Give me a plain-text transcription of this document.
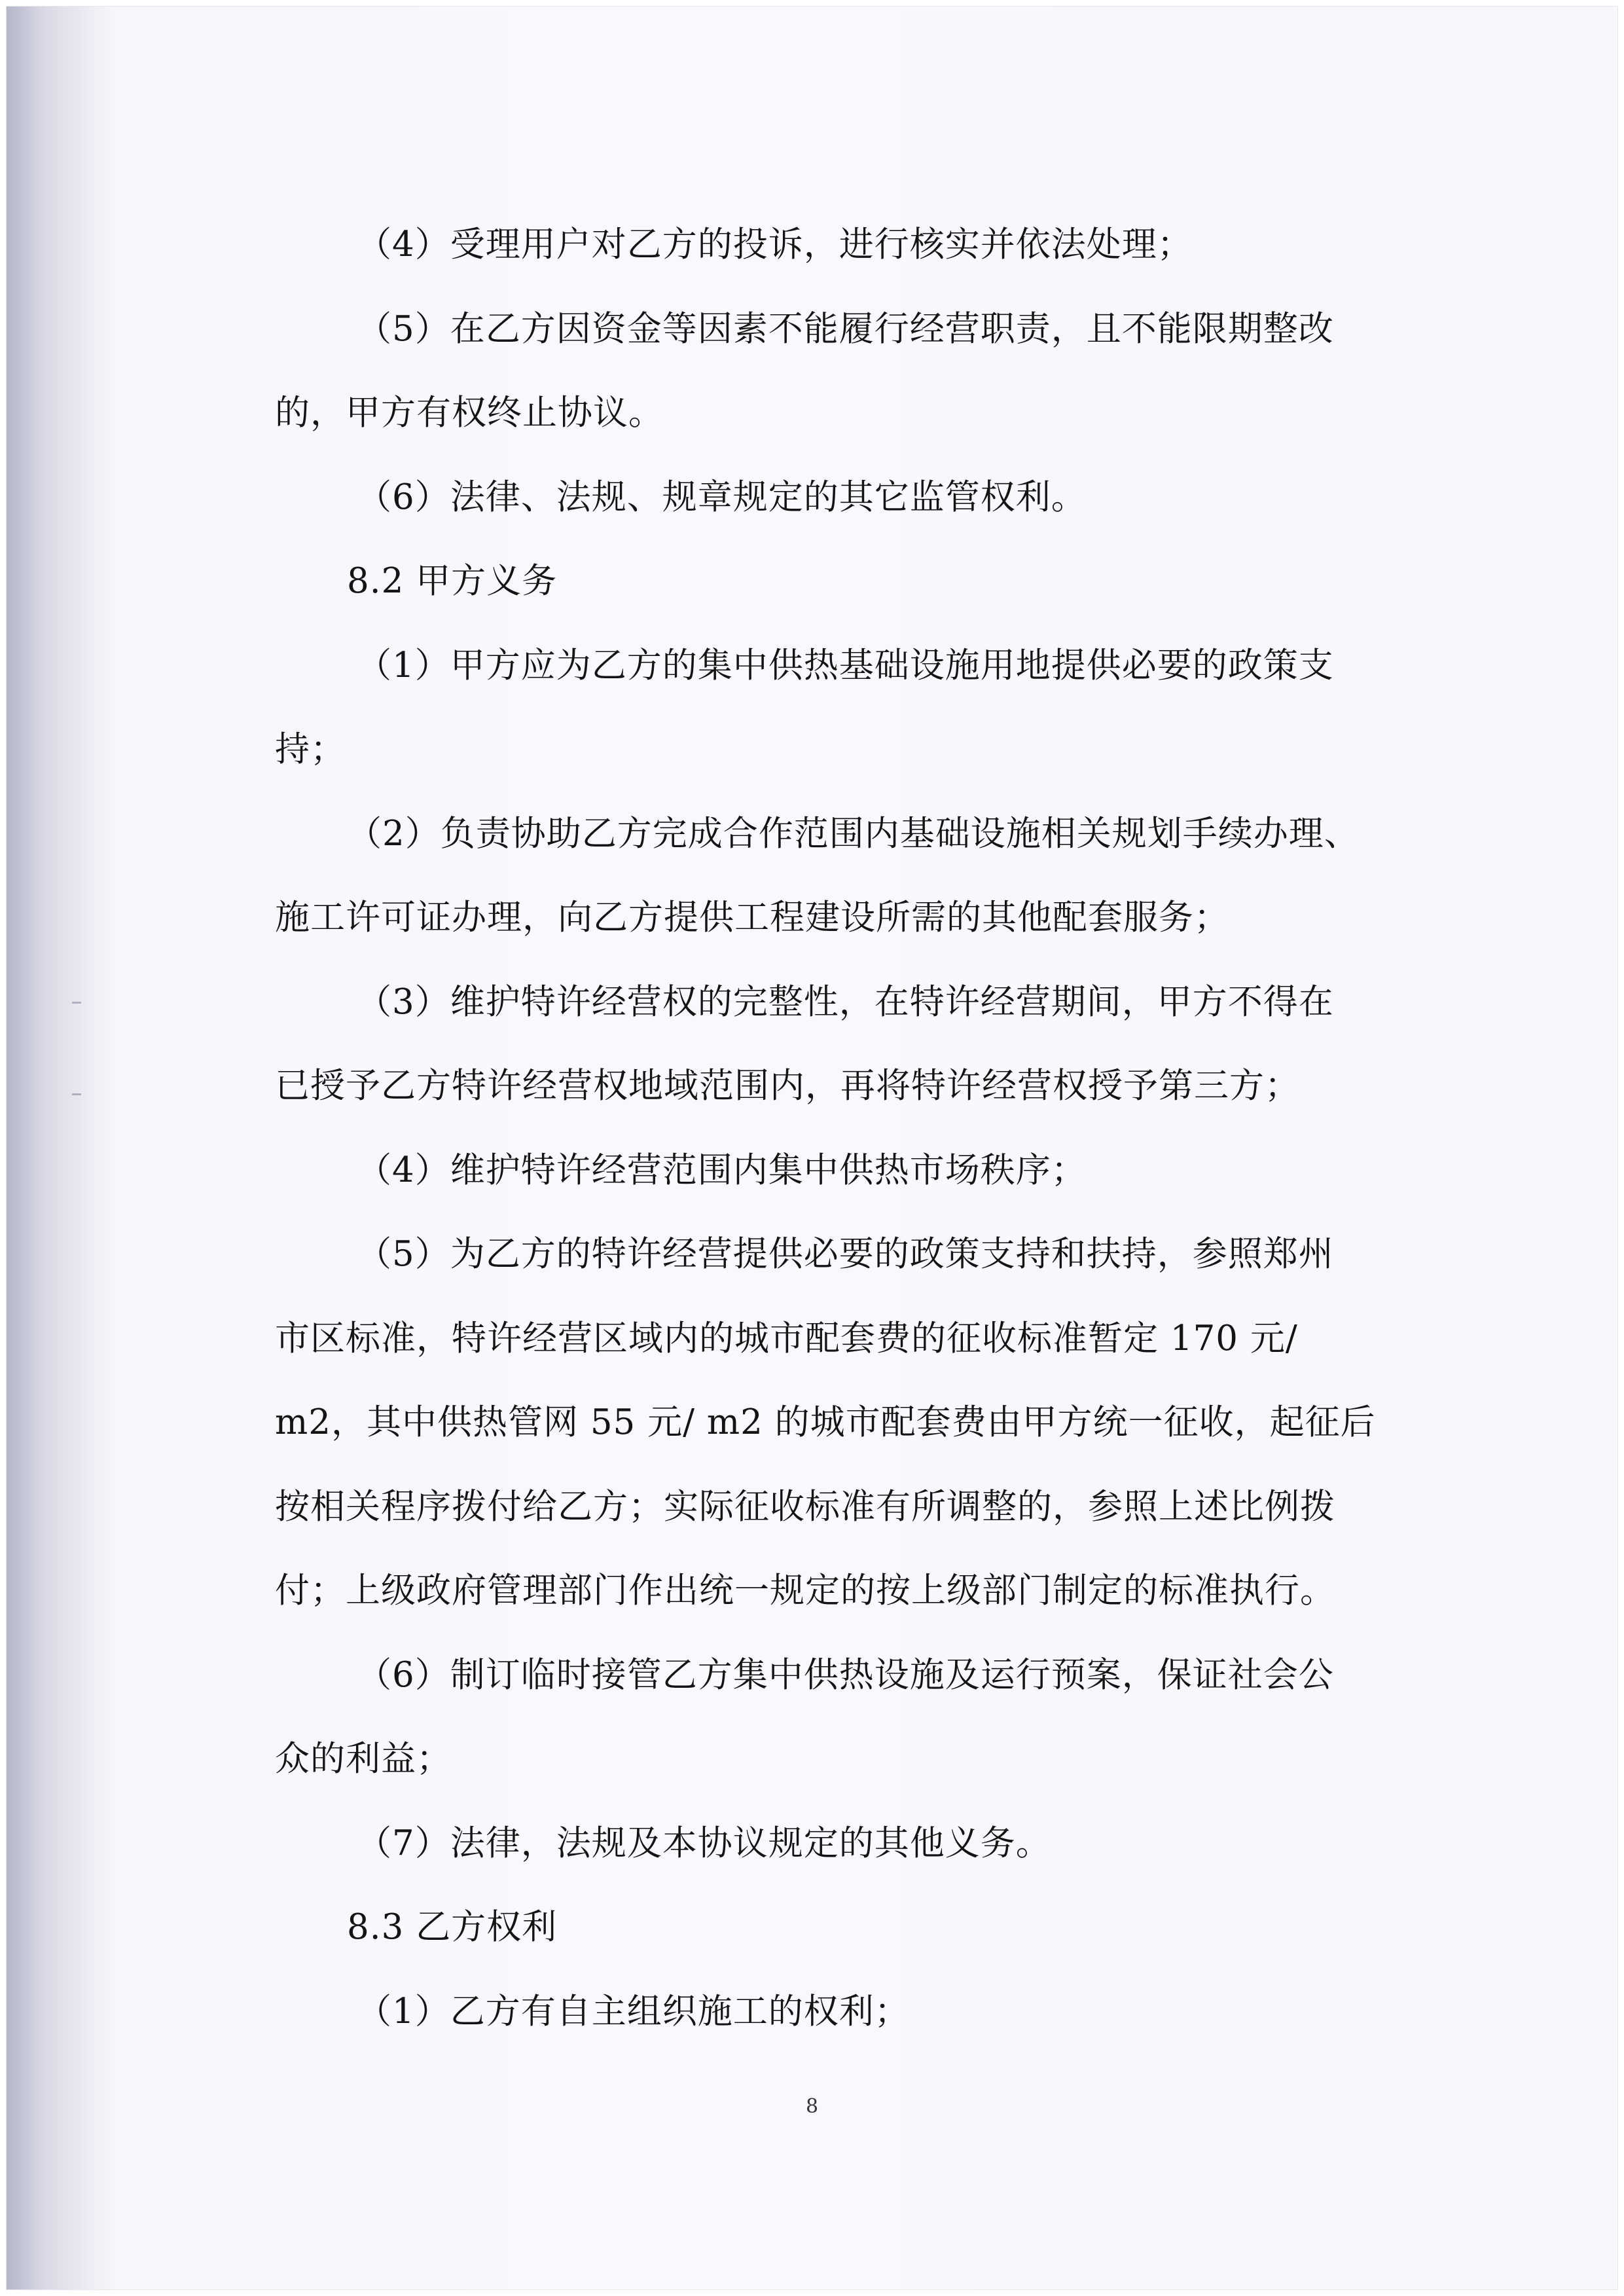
（4）受理用户对乙方的投诉，进行核实并依法处理；
（5）在乙方因资金等因素不能履行经营职责，且不能限期整改
的，甲方有权终止协议。
（6）法律、法规、规章规定的其它监管权利。
8.2 甲方义务
（1）甲方应为乙方的集中供热基础设施用地提供必要的政策支
持；
（2）负责协助乙方完成合作范围内基础设施相关规划手续办理、
施工许可证办理，向乙方提供工程建设所需的其他配套服务；
（3）维护特许经营权的完整性，在特许经营期间，甲方不得在
已授予乙方特许经营权地域范围内，再将特许经营权授予第三方；
（4）维护特许经营范围内集中供热市场秩序；
（5）为乙方的特许经营提供必要的政策支持和扶持，参照郑州
市区标准，特许经营区域内的城市配套费的征收标准暂定 170 元/
m2，其中供热管网 55 元/ m2 的城市配套费由甲方统一征收，起征后
按相关程序拨付给乙方；实际征收标准有所调整的，参照上述比例拨
付；上级政府管理部门作出统一规定的按上级部门制定的标准执行。
（6）制订临时接管乙方集中供热设施及运行预案，保证社会公
众的利益；
（7）法律，法规及本协议规定的其他义务。
8.3 乙方权利
（1）乙方有自主组织施工的权利；
8
